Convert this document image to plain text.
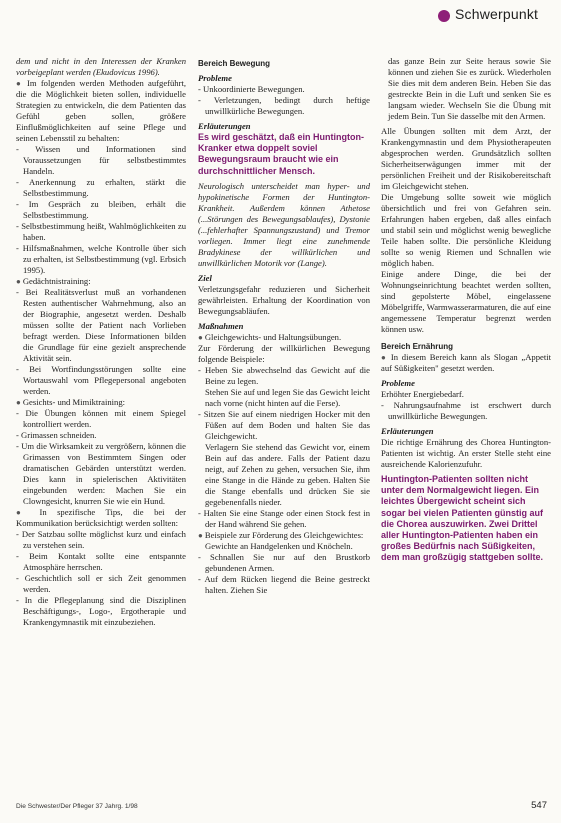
Schwerpunkt

dem und nicht in den Interessen der Kranken vorbeigeplant werden (Ekudovicus 1996).

● Im folgenden werden Methoden aufgeführt, die die Möglichkeit bieten sollen, individuelle Strategien zu entwickeln, die dem Patienten das Gefühl geben sollen, größere Einflußmöglichkeiten auf seine Pflege und seinen Lebensstil zu behalten:

- Wissen und Informationen sind Voraussetzungen für selbstbestimmtes Handeln.

- Anerkennung zu erhalten, stärkt die Selbstbestimmung.

- Im Gespräch zu bleiben, erhält die Selbstbestimmung.

- Selbstbestimmung heißt, Wahlmöglichkeiten zu haben.

- Hilfsmaßnahmen, welche Kontrolle über sich zu erhalten, ist Selbstbestimmung (vgl. Erbsich 1995).

● Gedächtnistraining:

- Bei Realitätsverlust muß an vorhandenen Resten authentischer Wahrnehmung, also an der Biographie, angesetzt werden. Deshalb müssen sollte der Patient nach Vorlieben befragt werden. Diese Informationen bilden die Grundlage für eine gezielt ansprechende Aktivität sein.

- Bei Wortfindungsstörungen sollte eine Wortauswahl vom Pflegepersonal angeboten werden.

● Gesichts- und Mimiktraining:

- Die Übungen können mit einem Spiegel kontrolliert werden.

- Grimassen schneiden.

- Um die Wirksamkeit zu vergrößern, können die Grimassen von Bestimmtem Singen oder dramatischen Gebärden unterstützt werden. Dies kann in spielerischen Aktivitäten eingebunden werden: Machen Sie ein Clowngesicht, knurren Sie wie ein Hund.

● In spezifische Tips, die bei der Kommunikation berücksichtigt werden sollten:

- Der Satzbau sollte möglichst kurz und einfach zu verstehen sein.

- Beim Kontakt sollte eine entspannte Atmosphäre herrschen.

- Geschichtlich soll er sich Zeit genommen werden.

- In die Pflegeplanung sind die Disziplinen Beschäftigungs-, Logo-, Ergotherapie und Krankengymnastik mit einzubeziehen.

Bereich Bewegung

Probleme

- Unkoordinierte Bewegungen.

- Verletzungen, bedingt durch heftige unwillkürliche Bewegungen.

Erläuterungen

Es wird geschätzt, daß ein Huntington-Kranker etwa doppelt soviel Bewegungsraum braucht wie ein durchschnittlicher Mensch.

Neurologisch unterscheidet man hyper- und hypokinetische Formen der Huntington-Krankheit. Außerdem können Athetose (...Störungen des Bewegungsablaufes), Dystonie (...fehlerhafter Spannungszustand) und Tremor vorliegen. Immer liegt eine zunehmende Bradykinese der willkürlichen und unwillkürlichen Motorik vor (Lange).

Ziel

Verletzungsgefahr reduzieren und Sicherheit gewährleisten. Erhaltung der Koordination von Bewegungsabläufen.

Maßnahmen

● Gleichgewichts- und Haltungsübungen.

Zur Förderung der willkürlichen Bewegung folgende Beispiele:

- Heben Sie abwechselnd das Gewicht auf die Beine zu legen.

Stehen Sie auf und legen Sie das Gewicht leicht nach vorne (nicht hinten auf die Ferse).

- Sitzen Sie auf einem niedrigen Hocker mit den Füßen auf dem Boden und halten Sie das Gleichgewicht.

Verlagern Sie stehend das Gewicht vor, einem Bein auf das andere. Falls der Patient dazu neigt, auf Zehen zu gehen, versuchen Sie, ihm eine Stange in die Hände zu geben. Halten Sie die Stange ebenfalls und drücken Sie sie gegebenenfalls nieder.

- Halten Sie eine Stange oder einen Stock fest in der Hand während Sie gehen.

● Beispiele zur Förderung des Gleichgewichtes:

Gewichte an Handgelenken und Knöcheln.

- Schnallen Sie nur auf den Brustkorb gebundenen Armen.

- Auf dem Rücken liegend die Beine gestreckt halten. Ziehen Sie

das ganze Bein zur Seite heraus sowie Sie können und ziehen Sie es zurück. Wiederholen Sie dies mit dem anderen Bein. Heben Sie das gestreckte Bein in die Luft und senken Sie es langsam wieder. Wechseln Sie die Übung mit jedem Bein. Tun Sie dasselbe mit den Armen.

Alle Übungen sollten mit dem Arzt, der Krankengymnastin und dem Physiotherapeuten abgesprochen werden. Grundsätzlich sollten Sicherheitserwägungen immer mit der persönlichen Freiheit und der Risikobereitschaft im Gleichgewicht stehen.

Die Umgebung sollte soweit wie möglich übersichtlich und frei von Gefahren sein. Erfahrungen haben ergeben, daß alles einfach und stabil sein und möglichst wenig bewegliche Teile haben sollte. Die persönliche Kleidung sollte so wenig Riemen und Schnallen wie möglich haben.

Einige andere Dinge, die bei der Wohnungseinrichtung beachtet werden sollten, sind gepolsterte Möbel, eingelassene Möbelgriffe, Warmwasserarmaturen, die auf eine angemessene Temperatur begrenzt werden können usw.

Bereich Ernährung

● In diesem Bereich kann als Slogan „Appetit auf Süßigkeiten" gesetzt werden.

Probleme

Erhöhter Energiebedarf.

- Nahrungsaufnahme ist erschwert durch unwillkürliche Bewegungen.

Erläuterungen

Die richtige Ernährung des Chorea Huntington-Patienten ist wichtig. An erster Stelle steht eine ausreichende Kalorienzufuhr.

Huntington-Patienten sollten nicht unter dem Normalgewicht liegen. Ein leichtes Übergewicht scheint sich sogar bei vielen Patienten günstig auf die Chorea auszuwirken. Zwei Drittel aller Huntington-Patienten haben ein großes Bedürfnis nach Süßigkeiten, dem man großzügig stattgeben sollte.

Die Schwester/Der Pfleger 37 Jahrg. 1/98	547
